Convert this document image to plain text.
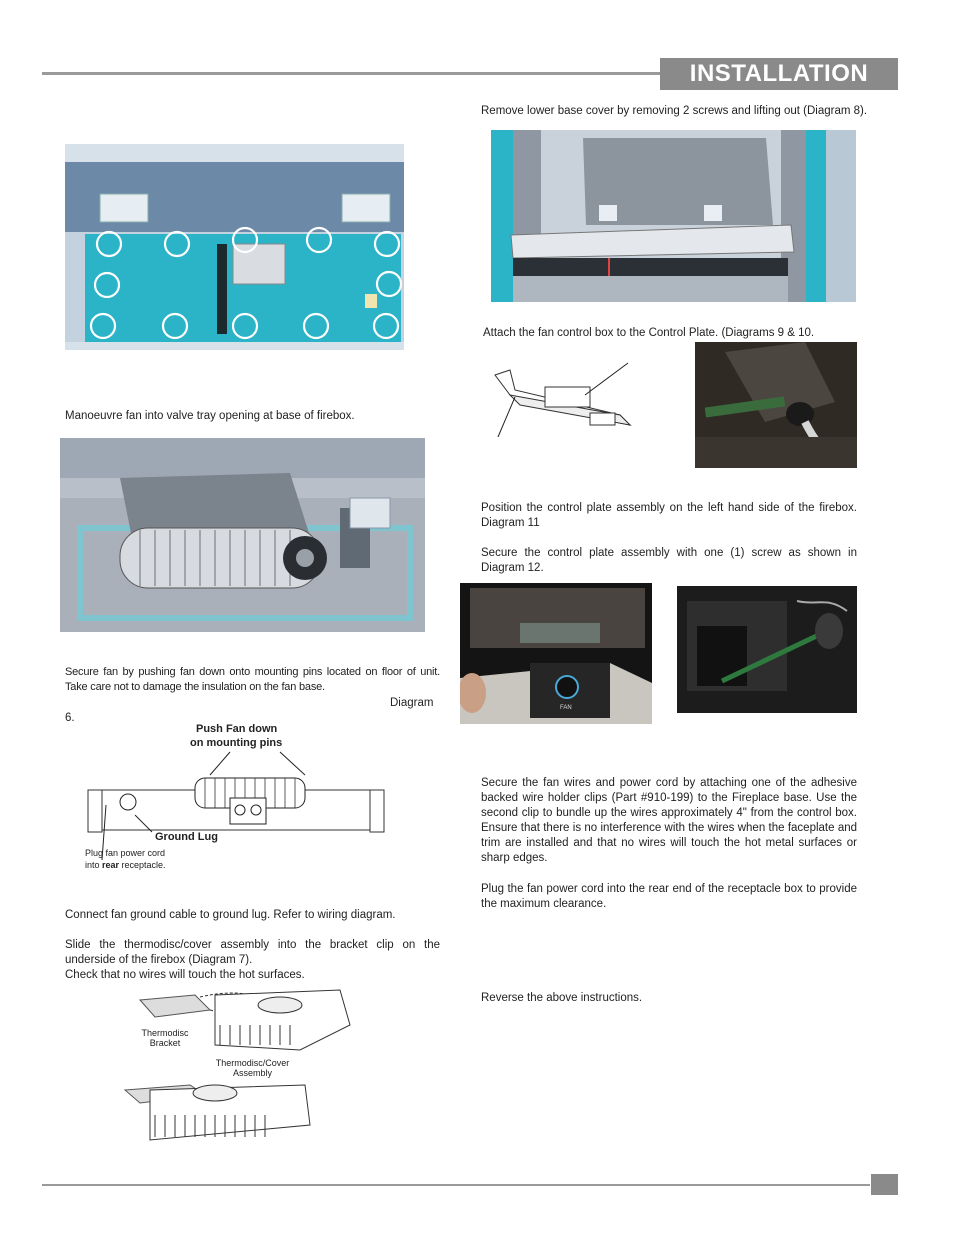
INSTALLATION
Manoeuvre fan into valve tray opening at base of firebox.
Secure fan by pushing fan down onto mounting pins located on floor of unit. Take care not to damage the insulation on the fan base.
Diagram
6.
Push Fan down
on mounting pins
Ground Lug
Plug fan power cord
into rear receptacle.
Connect fan ground cable to ground lug. Refer to wiring diagram.
Slide the thermodisc/cover assembly into the bracket clip on the underside of the firebox (Diagram 7).
Check that no wires will touch the hot surfaces.
Thermodisc
Bracket
Thermodisc/Cover
Assembly
Remove lower base cover by removing 2 screws and lifting out (Diagram 8).
Attach the fan control box to the Control Plate. (Diagrams 9 & 10.
Position the control plate assembly on the left hand side of the firebox. Diagram 11
Secure the control plate assembly with one (1) screw as shown in Diagram 12.
FAN
Secure the fan wires and power cord by attaching one of the adhesive backed wire holder clips (Part #910-199) to the Fireplace base. Use the second clip to bundle up the wires approximately 4" from the control box. Ensure that there is no interference with the wires when the faceplate and trim are installed and that no wires will touch the hot metal surfaces or sharp edges.
Plug the fan power cord into the rear end of the receptacle box to provide the maximum clearance.
Reverse the above instructions.
